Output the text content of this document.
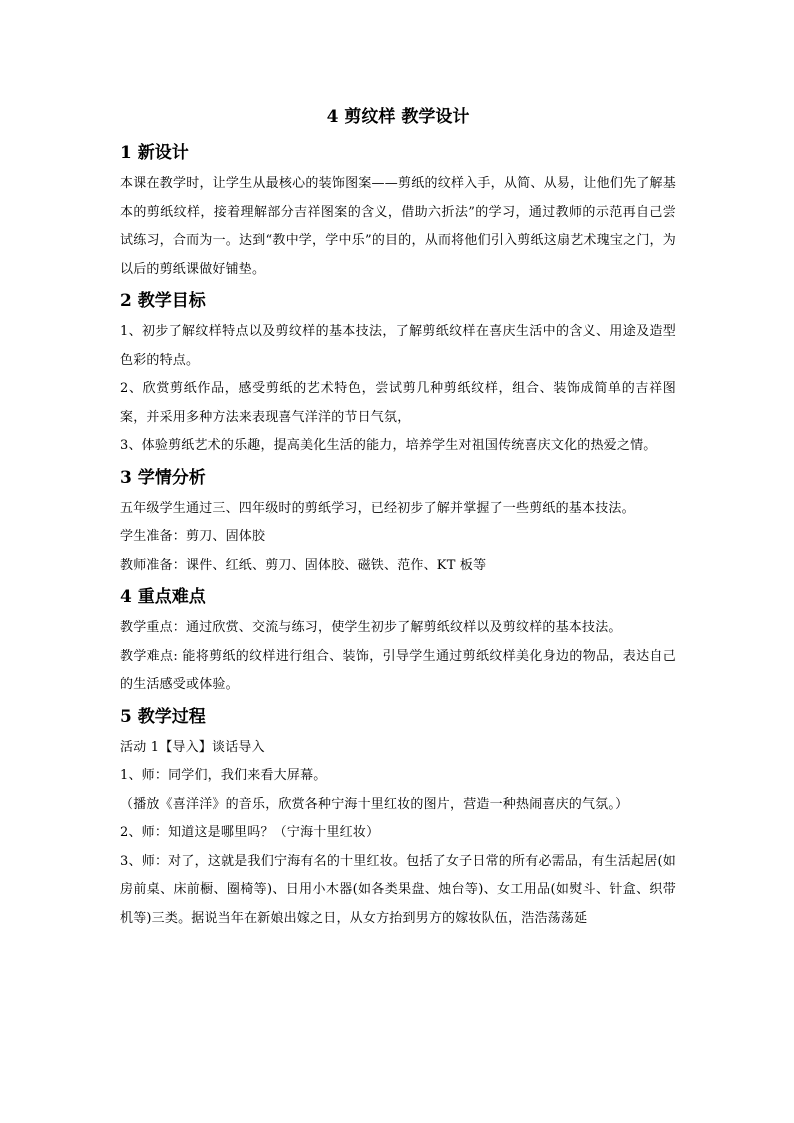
4 剪纹样 教学设计
1 新设计

本课在教学时，让学生从最核心的装饰图案——剪纸的纹样入手，从简、从易，让他们先了解基本的剪纸纹样，接着理解部分吉祥图案的含义，借助六折法”的学习，通过教师的示范再自己尝试练习，合而为一。达到“教中学，学中乐”的目的，从而将他们引入剪纸这扇艺术瑰宝之门，为以后的剪纸课做好铺垫。

2 教学目标

1、初步了解纹样特点以及剪纹样的基本技法，了解剪纸纹样在喜庆生活中的含义、用途及造型色彩的特点。

2、欣赏剪纸作品，感受剪纸的艺术特色，尝试剪几种剪纸纹样，组合、装饰成简单的吉祥图案，并采用多种方法来表现喜气洋洋的节日气氛，

3、体验剪纸艺术的乐趣，提高美化生活的能力，培养学生对祖国传统喜庆文化的热爱之情。

3 学情分析

五年级学生通过三、四年级时的剪纸学习，已经初步了解并掌握了一些剪纸的基本技法。

学生准备：剪刀、固体胶

教师准备：课件、红纸、剪刀、固体胶、磁铁、范作、KT 板等

4 重点难点

教学重点：通过欣赏、交流与练习，使学生初步了解剪纸纹样以及剪纹样的基本技法。

教学难点: 能将剪纸的纹样进行组合、装饰，引导学生通过剪纸纹样美化身边的物品，表达自己的生活感受或体验。

5 教学过程

活动 1【导入】谈话导入

1、师：同学们，我们来看大屏幕。

（播放《喜洋洋》的音乐，欣赏各种宁海十里红妆的图片，营造一种热闹喜庆的气氛。）

2、师：知道这是哪里吗？（宁海十里红妆）

3、师：对了，这就是我们宁海有名的十里红妆。包括了女子日常的所有必需品，有生活起居(如房前桌、床前橱、圈椅等)、日用小木器(如各类果盘、烛台等)、女工用品(如熨斗、针盒、织带机等)三类。据说当年在新娘出嫁之日，从女方抬到男方的嫁妆队伍，浩浩荡荡延
